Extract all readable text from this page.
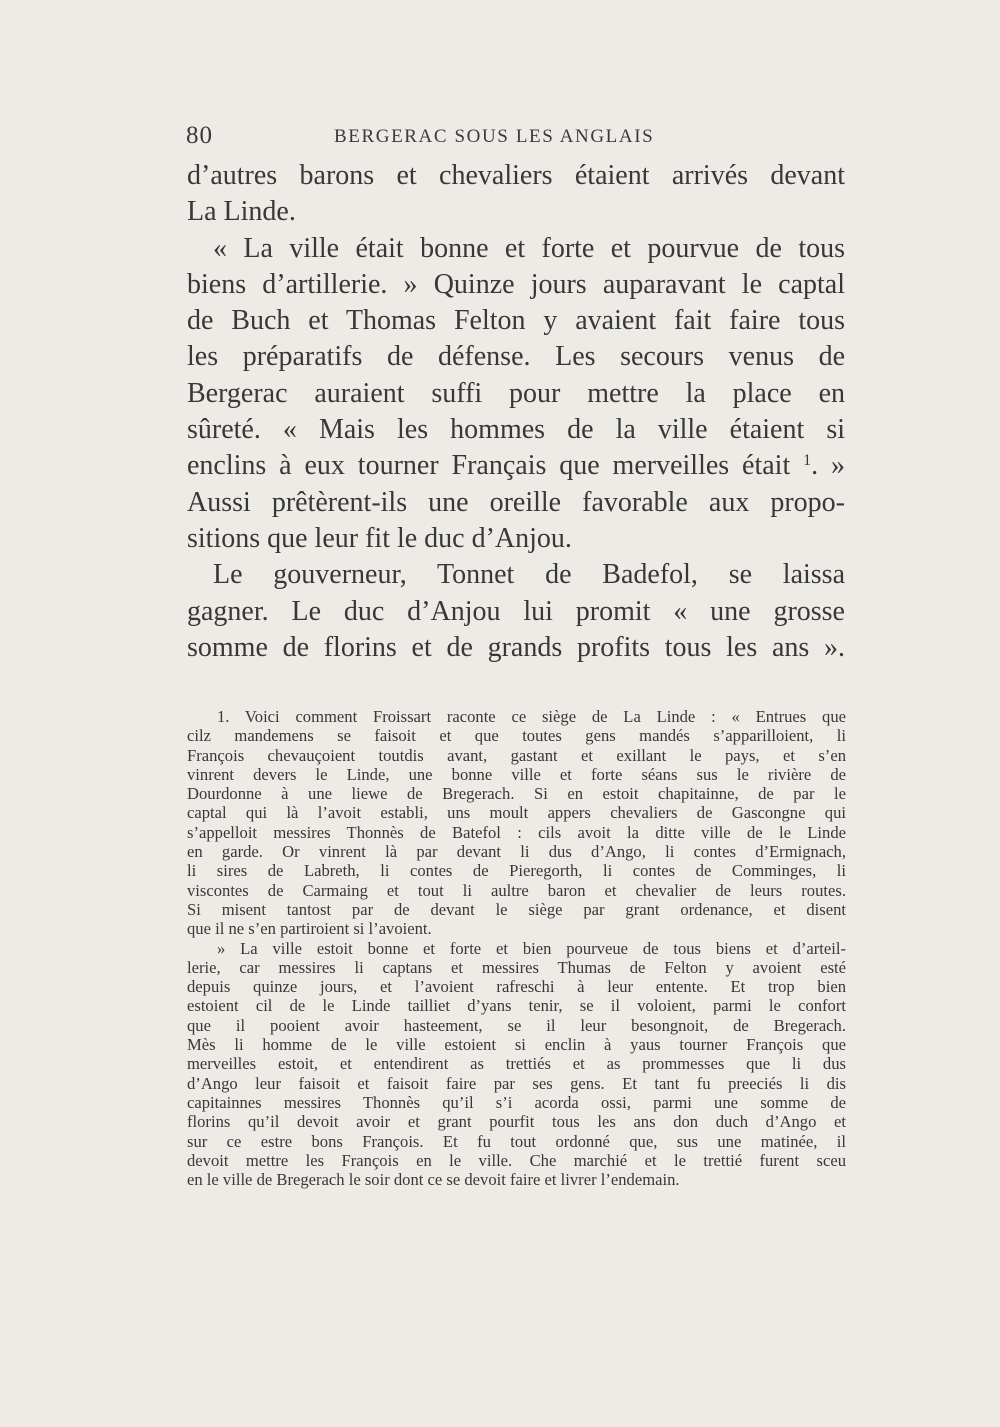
80	BERGERAC SOUS LES ANGLAIS

d’autres barons et chevaliers étaient arrivés devant

La Linde.

« La ville était bonne et forte et pourvue de tous

biens d’artillerie. » Quinze jours auparavant le captal

de Buch et Thomas Felton y avaient fait faire tous

les préparatifs de défense. Les secours venus de

Bergerac auraient suffi pour mettre la place en

sûreté. « Mais les hommes de la ville étaient si

enclins à eux tourner Français que merveilles était $^1$. »

Aussi prêtèrent-ils une oreille favorable aux propo-

sitions que leur fit le duc d’Anjou.

Le gouverneur, Tonnet de Badefol, se laissa

gagner. Le duc d’Anjou lui promit « une grosse

somme de florins et de grands profits tous les ans ».

1. Voici comment Froissart raconte ce siège de La Linde : « Entrues que

cilz mandemens se faisoit et que toutes gens mandés s’apparilloient, li

François chevauçoient toutdis avant, gastant et exillant le pays, et s’en

vinrent devers le Linde, une bonne ville et forte séans sus le rivière de

Dourdonne à une liewe de Bregerach. Si en estoit chapitainne, de par le

captal qui là l’avoit establi, uns moult appers chevaliers de Gascongne qui

s’appelloit messires Thonnès de Batefol : cils avoit la ditte ville de le Linde

en garde. Or vinrent là par devant li dus d’Ango, li contes d’Ermignach,

li sires de Labreth, li contes de Pieregorth, li contes de Comminges, li

viscontes de Carmaing et tout li aultre baron et chevalier de leurs routes.

Si misent tantost par de devant le siège par grant ordenance, et disent

que il ne s’en partiroient si l’avoient.

» La ville estoit bonne et forte et bien pourveue de tous biens et d’arteil-

lerie, car messires li captans et messires Thumas de Felton y avoient esté

depuis quinze jours, et l’avoient rafreschi à leur entente. Et trop bien

estoient cil de le Linde tailliet d’yans tenir, se il voloient, parmi le confort

que il pooient avoir hasteement, se il leur besongnoit, de Bregerach.

Mès li homme de le ville estoient si enclin à yaus tourner François que

merveilles estoit, et entendirent as trettiés et as prommesses que li dus

d’Ango leur faisoit et faisoit faire par ses gens. Et tant fu preeciés li dis

capitainnes messires Thonnès qu’il s’i acorda ossi, parmi une somme de

florins qu’il devoit avoir et grant pourfit tous les ans don duch d’Ango et

sur ce estre bons François. Et fu tout ordonné que, sus une matinée, il

devoit mettre les François en le ville. Che marchié et le trettié furent sceu

en le ville de Bregerach le soir dont ce se devoit faire et livrer l’endemain.
